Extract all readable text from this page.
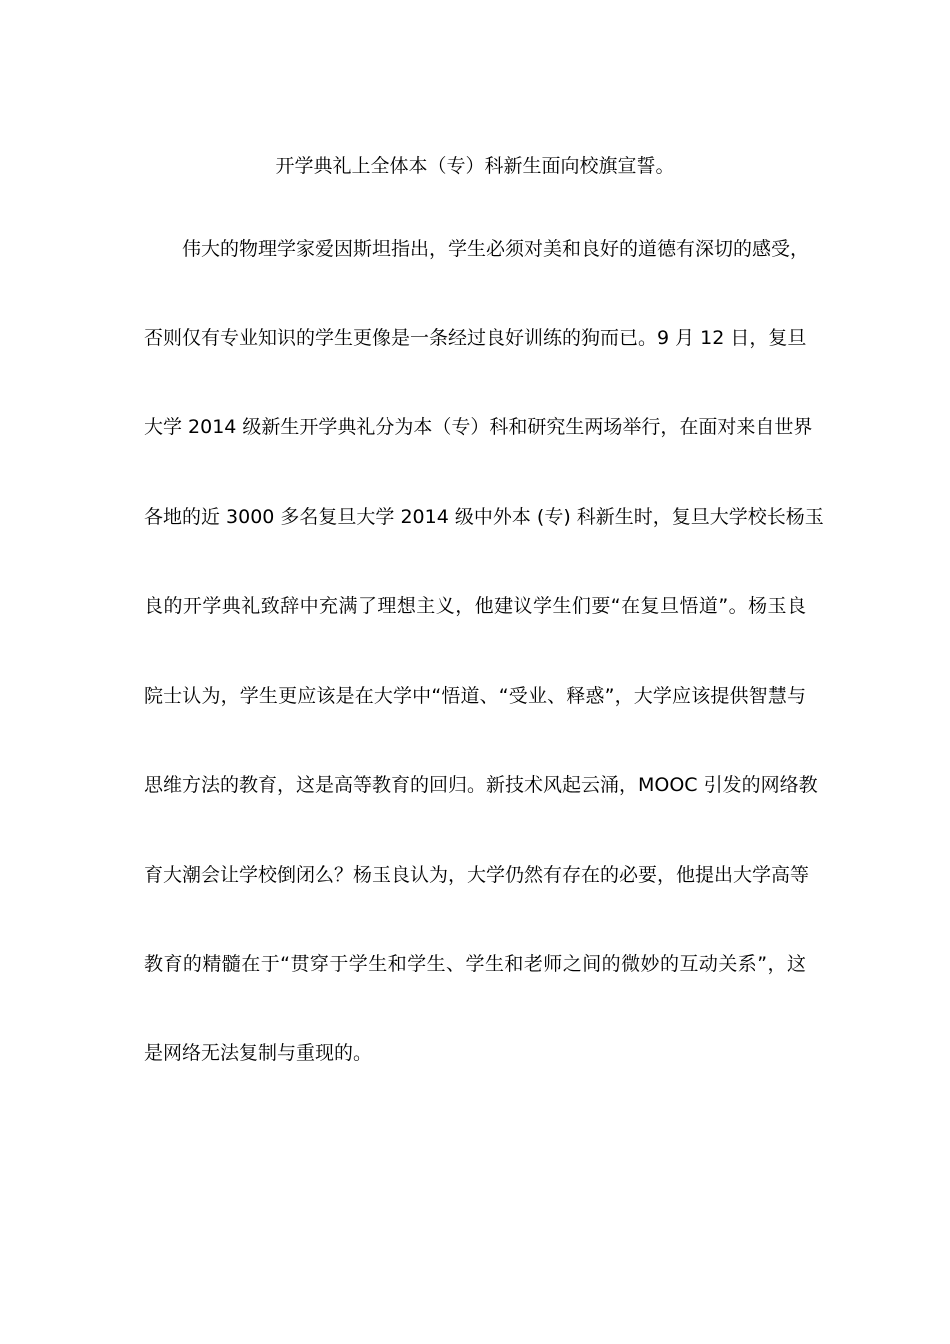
开学典礼上全体本（专）科新生面向校旗宣誓。
伟大的物理学家爱因斯坦指出，学生必须对美和良好的道德有深切的感受，
否则仅有专业知识的学生更像是一条经过良好训练的狗而已。9 月 12 日，复旦
大学 2014 级新生开学典礼分为本（专）科和研究生两场举行，在面对来自世界
各地的近 3000 多名复旦大学 2014 级中外本 (专) 科新生时，复旦大学校长杨玉
良的开学典礼致辞中充满了理想主义，他建议学生们要“在复旦悟道”。杨玉良
院士认为，学生更应该是在大学中“悟道、“受业、释惑”，大学应该提供智慧与
思维方法的教育，这是高等教育的回归。新技术风起云涌，MOOC 引发的网络教
育大潮会让学校倒闭么？杨玉良认为，大学仍然有存在的必要，他提出大学高等
教育的精髓在于“贯穿于学生和学生、学生和老师之间的微妙的互动关系”，这
是网络无法复制与重现的。
